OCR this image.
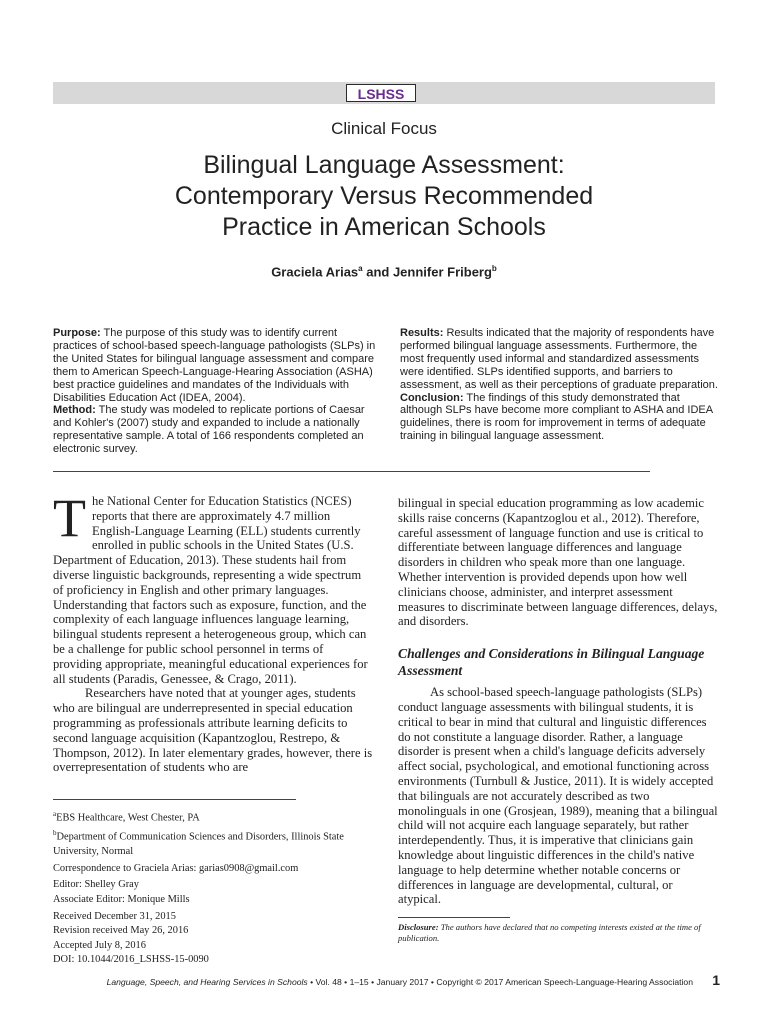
LSHSS
Clinical Focus
Bilingual Language Assessment:
Contemporary Versus Recommended
Practice in American Schools
Graciela Arias$^a$ and Jennifer Friberg$^b$

Purpose: The purpose of this study was to identify current practices of school-based speech-language pathologists (SLPs) in the United States for bilingual language assessment and compare them to American Speech-Language-Hearing Association (ASHA) best practice guidelines and mandates of the Individuals with Disabilities Education Act (IDEA, 2004).

Method: The study was modeled to replicate portions of Caesar and Kohler's (2007) study and expanded to include a nationally representative sample. A total of 166 respondents completed an electronic survey.

Results: Results indicated that the majority of respondents have performed bilingual language assessments. Furthermore, the most frequently used informal and standardized assessments were identified. SLPs identified supports, and barriers to assessment, as well as their perceptions of graduate preparation.

Conclusion: The findings of this study demonstrated that although SLPs have become more compliant to ASHA and IDEA guidelines, there is room for improvement in terms of adequate training in bilingual language assessment.

The National Center for Education Statistics (NCES) reports that there are approximately 4.7 million English-Language Learning (ELL) students currently enrolled in public schools in the United States (U.S. Department of Education, 2013). These students hail from diverse linguistic backgrounds, representing a wide spectrum of proficiency in English and other primary languages. Understanding that factors such as exposure, function, and the complexity of each language influences language learning, bilingual students represent a heterogeneous group, which can be a challenge for public school personnel in terms of providing appropriate, meaningful educational experiences for all students (Paradis, Genessee, & Crago, 2011).

Researchers have noted that at younger ages, students who are bilingual are underrepresented in special education programming as professionals attribute learning deficits to second language acquisition (Kapantzoglou, Restrepo, & Thompson, 2012). In later elementary grades, however, there is overrepresentation of students who are

bilingual in special education programming as low academic skills raise concerns (Kapantzoglou et al., 2012). Therefore, careful assessment of language function and use is critical to differentiate between language differences and language disorders in children who speak more than one language. Whether intervention is provided depends upon how well clinicians choose, administer, and interpret assessment measures to discriminate between language differences, delays, and disorders.

Challenges and Considerations in Bilingual Language Assessment

As school-based speech-language pathologists (SLPs) conduct language assessments with bilingual students, it is critical to bear in mind that cultural and linguistic differences do not constitute a language disorder. Rather, a language disorder is present when a child's language deficits adversely affect social, psychological, and emotional functioning across environments (Turnbull & Justice, 2011). It is widely accepted that bilinguals are not accurately described as two monolinguals in one (Grosjean, 1989), meaning that a bilingual child will not acquire each language separately, but rather interdependently. Thus, it is imperative that clinicians gain knowledge about linguistic differences in the child's native language to help determine whether notable concerns or differences in language are developmental, cultural, or atypical.

$^a$EBS Healthcare, West Chester, PA

$^b$Department of Communication Sciences and Disorders, Illinois State University, Normal

Correspondence to Graciela Arias: garias0908@gmail.com

Editor: Shelley Gray

Associate Editor: Monique Mills

Received December 31, 2015

Revision received May 26, 2016

Accepted July 8, 2016

DOI: 10.1044/2016_LSHSS-15-0090

Disclosure: The authors have declared that no competing interests existed at the time of publication.
Language, Speech, and Hearing Services in Schools • Vol. 48 • 1–15 • January 2017 • Copyright © 2017 American Speech-Language-Hearing Association	1
